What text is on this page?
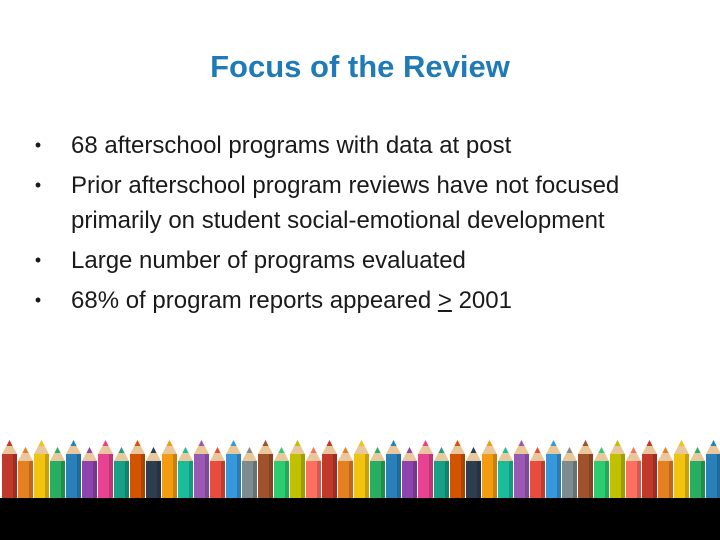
Focus of the Review
• 68 afterschool programs with data at post
• Prior afterschool program reviews have not focused primarily on student social-emotional development
• Large number of programs evaluated
• 68% of program reports appeared > 2001
